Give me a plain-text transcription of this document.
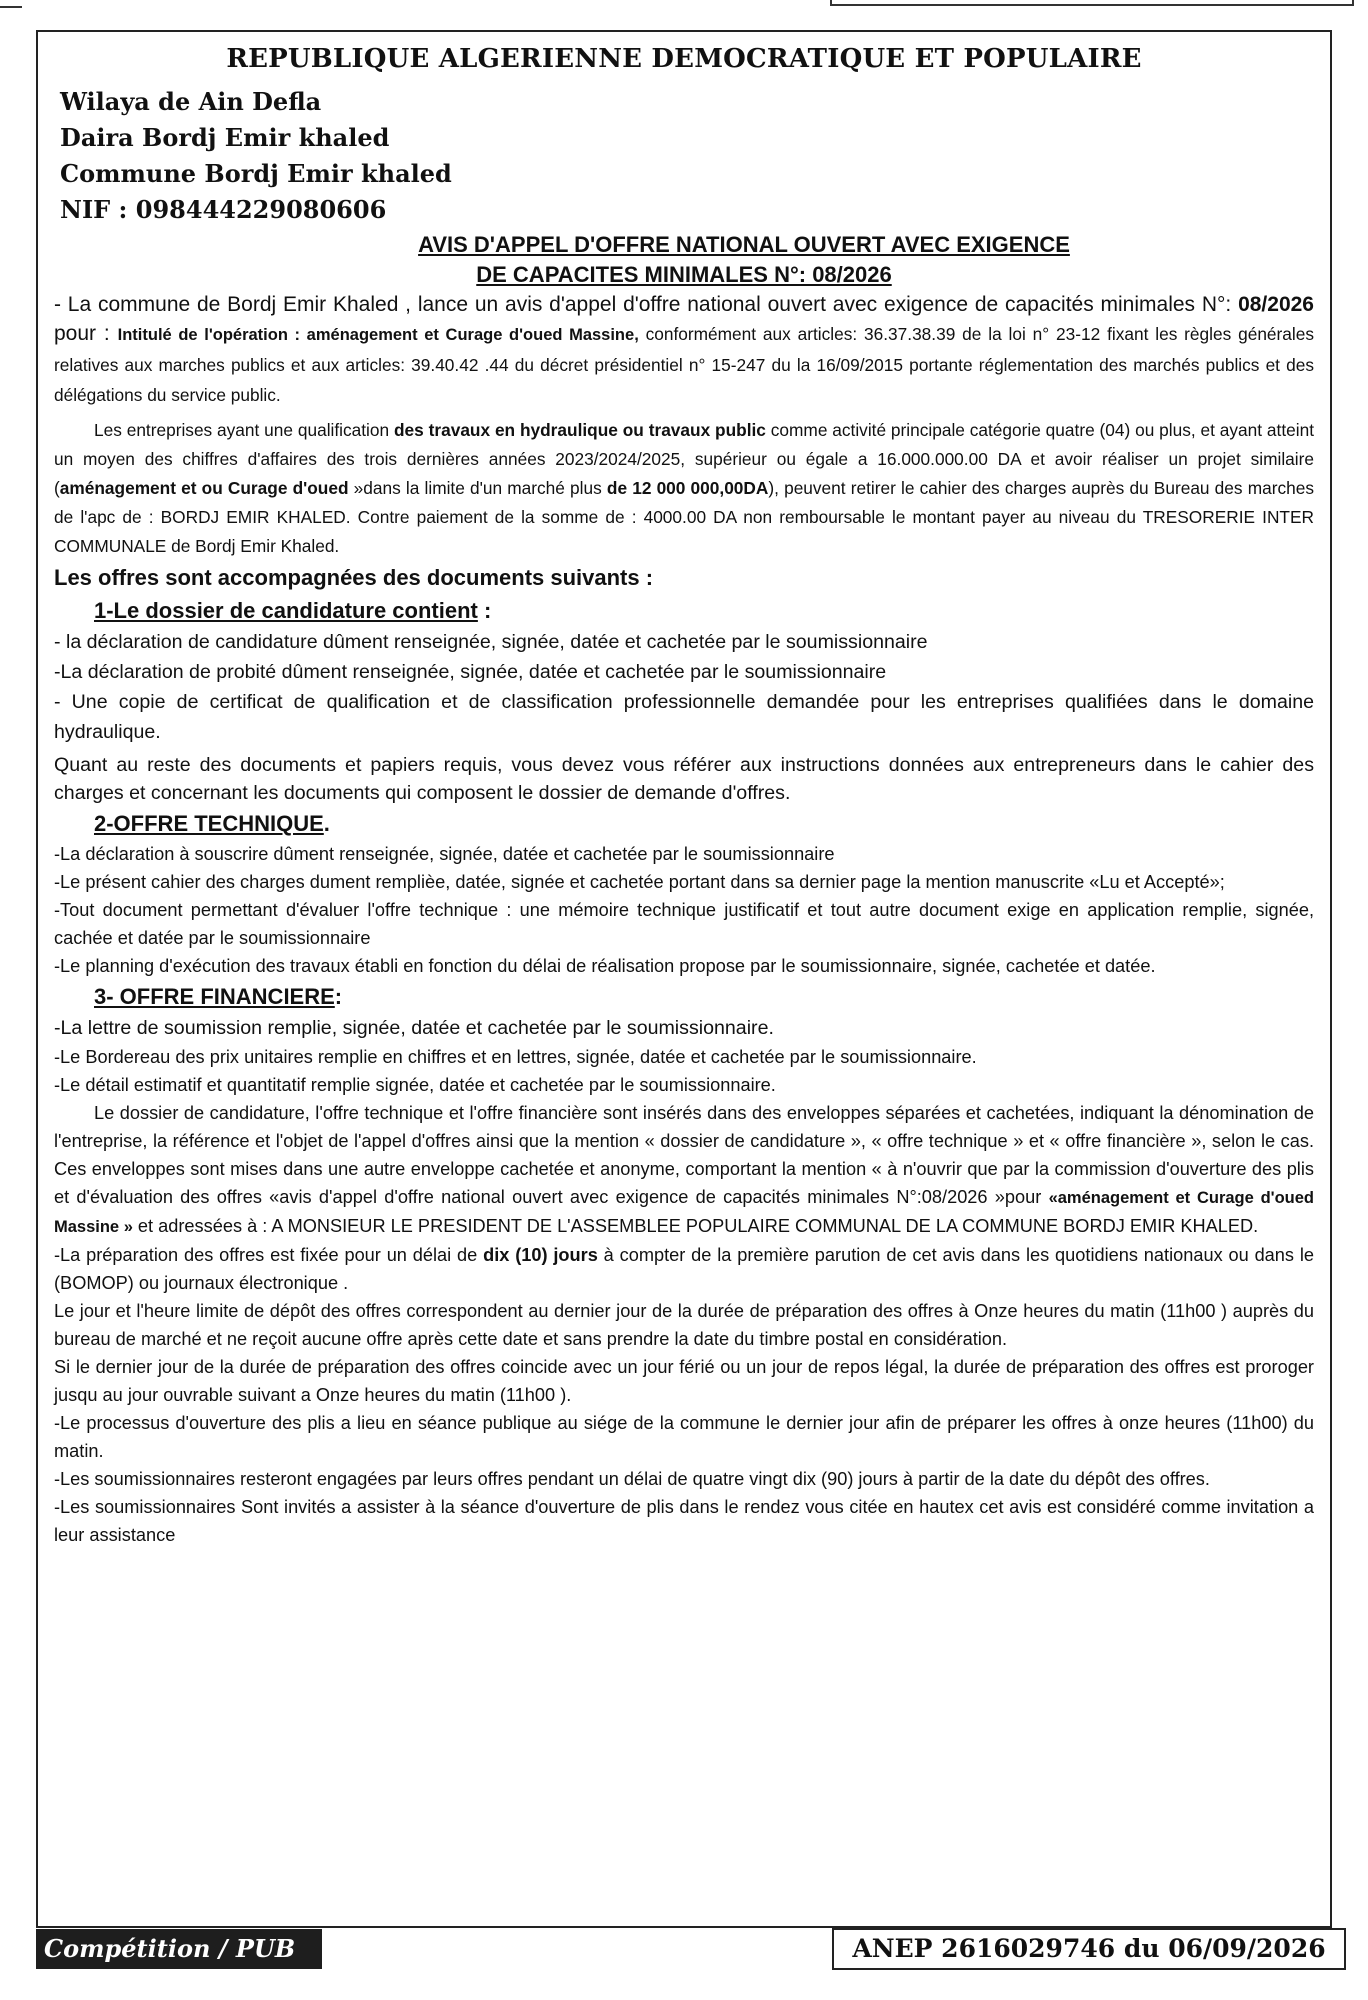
REPUBLIQUE ALGERIENNE DEMOCRATIQUE ET POPULAIRE
Wilaya de Ain Defla
Daira Bordj Emir khaled
Commune Bordj Emir khaled
NIF : 098444229080606
AVIS D'APPEL D'OFFRE NATIONAL OUVERT AVEC EXIGENCE
DE CAPACITES MINIMALES N°: 08/2026

- La commune de Bordj Emir Khaled , lance un avis d'appel d'offre national ouvert avec exigence de capacités minimales N°: 08/2026 pour : Intitulé de l'opération : aménagement et Curage d'oued Massine, conformément aux articles: 36.37.38.39 de la loi n° 23-12 fixant les règles générales relatives aux marches publics et aux articles: 39.40.42 .44 du décret présidentiel n° 15-247 du la 16/09/2015 portante réglementation des marchés publics et des délégations du service public.

Les entreprises ayant une qualification des travaux en hydraulique ou travaux public comme activité principale catégorie quatre (04) ou plus, et ayant atteint un moyen des chiffres d'affaires des trois dernières années 2023/2024/2025, supérieur ou égale a 16.000.000.00 DA et avoir réaliser un projet similaire (aménagement et ou Curage d'oued »dans la limite d'un marché plus de 12 000 000,00DA), peuvent retirer le cahier des charges auprès du Bureau des marches de l'apc de : BORDJ EMIR KHALED. Contre paiement de la somme de : 4000.00 DA non remboursable le montant payer au niveau du TRESORERIE INTER COMMUNALE de Bordj Emir Khaled.

Les offres sont accompagnées des documents suivants :
1-Le dossier de candidature contient :

- la déclaration de candidature dûment renseignée, signée, datée et cachetée par le soumissionnaire

-La déclaration de probité dûment renseignée, signée, datée et cachetée par le soumissionnaire

- Une copie de certificat de qualification et de classification professionnelle demandée pour les entreprises qualifiées dans le domaine hydraulique.

Quant au reste des documents et papiers requis, vous devez vous référer aux instructions données aux entrepreneurs dans le cahier des charges et concernant les documents qui composent le dossier de demande d'offres.

2-OFFRE TECHNIQUE.

-La déclaration à souscrire dûment renseignée, signée, datée et cachetée par le soumissionnaire

-Le présent cahier des charges dument remplièe, datée, signée et cachetée portant dans sa dernier page la mention manuscrite «Lu et Accepté»;

-Tout document permettant d'évaluer l'offre technique : une mémoire technique justificatif et tout autre document exige en application remplie, signée, cachée et datée par le soumissionnaire

-Le planning d'exécution des travaux établi en fonction du délai de réalisation propose par le soumissionnaire, signée, cachetée et datée.

3- OFFRE FINANCIERE:

-La lettre de soumission remplie, signée, datée et cachetée par le soumissionnaire.

-Le Bordereau des prix unitaires remplie en chiffres et en lettres, signée, datée et cachetée par le soumissionnaire.

-Le détail estimatif et quantitatif remplie signée, datée et cachetée par le soumissionnaire.

Le dossier de candidature, l'offre technique et l'offre financière sont insérés dans des enveloppes séparées et cachetées, indiquant la dénomination de l'entreprise, la référence et l'objet de l'appel d'offres ainsi que la mention « dossier de candidature », « offre technique » et « offre financière », selon le cas. Ces enveloppes sont mises dans une autre enveloppe cachetée et anonyme, comportant la mention « à n'ouvrir que par la commission d'ouverture des plis et d'évaluation des offres «avis d'appel d'offre national ouvert avec exigence de capacités minimales N°:08/2026 »pour «aménagement et Curage d'oued Massine » et adressées à : A MONSIEUR LE PRESIDENT DE L'ASSEMBLEE POPULAIRE COMMUNAL DE LA COMMUNE BORDJ EMIR KHALED.

-La préparation des offres est fixée pour un délai de dix (10) jours à compter de la première parution de cet avis dans les quotidiens nationaux ou dans le (BOMOP) ou journaux électronique .

Le jour et l'heure limite de dépôt des offres correspondent au dernier jour de la durée de préparation des offres à Onze heures du matin (11h00 ) auprès du bureau de marché et ne reçoit aucune offre après cette date et sans prendre la date du timbre postal en considération.

Si le dernier jour de la durée de préparation des offres coincide avec un jour férié ou un jour de repos légal, la durée de préparation des offres est proroger jusqu au jour ouvrable suivant a Onze heures du matin (11h00 ).

-Le processus d'ouverture des plis a lieu en séance publique au siége de la commune le dernier jour afin de préparer les offres à onze heures (11h00) du matin.

-Les soumissionnaires resteront engagées par leurs offres pendant un délai de quatre vingt dix (90) jours à partir de la date du dépôt des offres.

-Les soumissionnaires Sont invités a assister à la séance d'ouverture de plis dans le rendez vous citée en hautex cet avis est considéré comme invitation a leur assistance

Compétition / PUB	ANEP 2616029746 du 06/09/2026
